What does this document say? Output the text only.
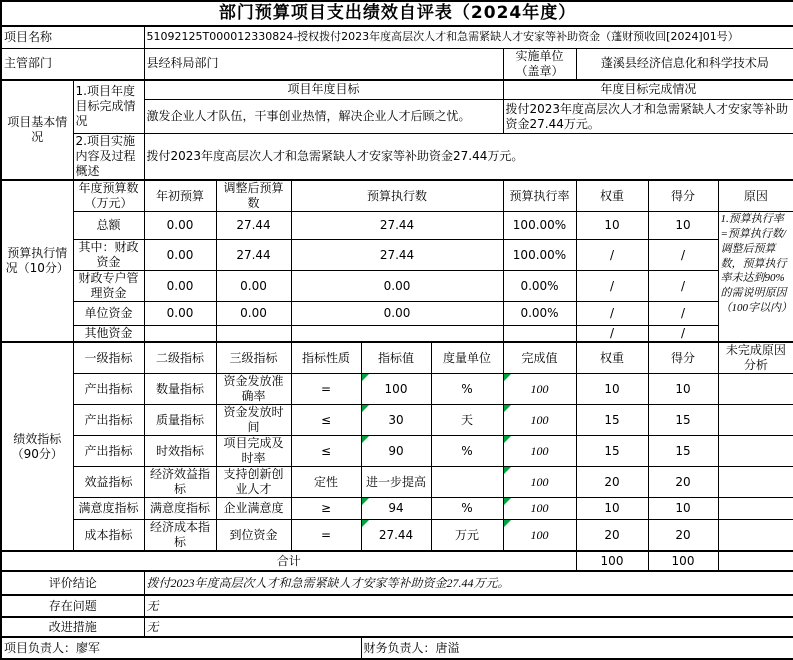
部门预算项目支出绩效自评表（2024年度）										
项目名称		51092125T000012330824-授权拨付2023年度高层次人才和急需紧缺人才安家等补助资金（蓬财预收回[2024]01号）								
主管部门		县经科局部门					实施单位（盖章）	蓬溪县经济信息化和科学技术局		
项目基本情况	1.项目年度目标完成情况	项目年度目标					年度目标完成情况			
		激发企业人才队伍，干事创业热情，解决企业人才后顾之忧。					拨付2023年度高层次人才和急需紧缺人才安家等补助资金27.44万元。			
	2.项目实施内容及过程概述	拨付2023年度高层次人才和急需紧缺人才安家等补助资金27.44万元。								
预算执行情况（10分）	年度预算数（万元）	年初预算	调整后预算数	预算执行数			预算执行率	权重	得分	原因
	总额	0.00	27.44	27.44			100.00%	10	10	1.预算执行率=预算执行数/调整后预算数，预算执行率未达到90%的需说明原因（100字以内）
	其中：财政资金	0.00	27.44	27.44			100.00%	/	/	
	财政专户管理资金	0.00	0.00	0.00			0.00%	/	/	
	单位资金	0.00	0.00	0.00			0.00%	/	/	
	其他资金							/	/	
绩效指标（90分）	一级指标	二级指标	三级指标	指标性质	指标值	度量单位	完成值	权重	得分	未完成原因分析
	产出指标	数量指标	资金发放准确率	=	100	%	100	10	10	
	产出指标	质量指标	资金发放时间	≤	30	天	100	15	15	
	产出指标	时效指标	项目完成及时率	≤	90	%	100	15	15	
	效益指标	经济效益指标	支持创新创业人才	定性	进一步提高		100	20	20	
	满意度指标	满意度指标	企业满意度	≥	94	%	100	10	10	
	成本指标	经济成本指标	到位资金	=	27.44	万元	100	20	20	
合计								100	100	
评价结论		拨付2023年度高层次人才和急需紧缺人才安家等补助资金27.44万元。								
存在问题		无								
改进措施		无								
项目负责人：廖军					财务负责人：唐溢					
